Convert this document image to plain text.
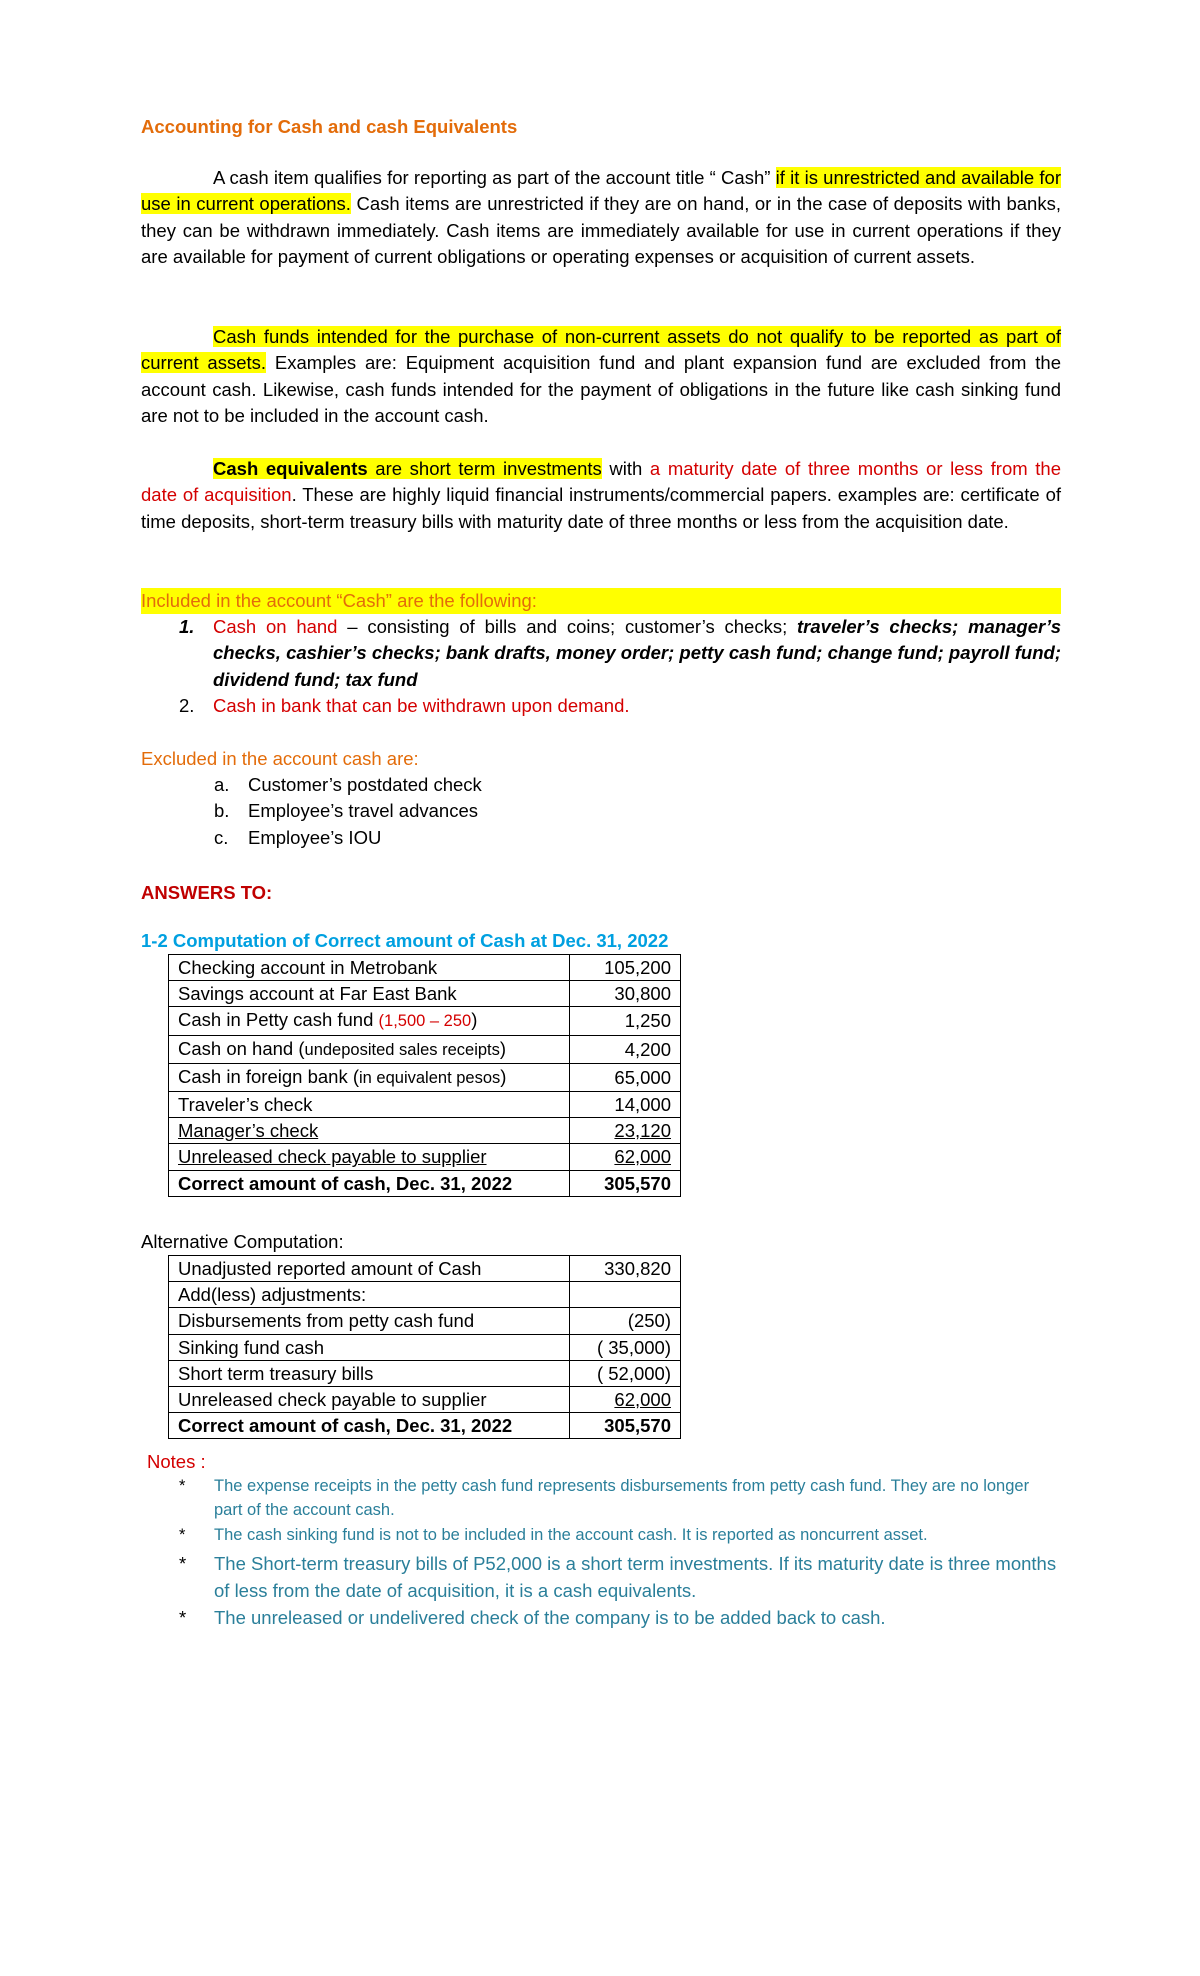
Accounting for Cash and cash Equivalents

A cash item qualifies for reporting as part of the account title “ Cash” if it is unrestricted and available for use in current operations. Cash items are unrestricted if they are on hand, or in the case of deposits with banks, they can be withdrawn immediately. Cash items are immediately available for use in current operations if they are available for payment of current obligations or operating expenses or acquisition of current assets.

Cash funds intended for the purchase of non-current assets do not qualify to be reported as part of current assets. Examples are: Equipment acquisition fund and plant expansion fund are excluded from the account cash. Likewise, cash funds intended for the payment of obligations in the future like cash sinking fund are not to be included in the account cash.

Cash equivalents are short term investments with a maturity date of three months or less from the date of acquisition. These are highly liquid financial instruments/commercial papers. examples are: certificate of time deposits, short-term treasury bills with maturity date of three months or less from the acquisition date.

Included in the account “Cash” are the following:
1. Cash on hand – consisting of bills and coins; customer’s checks; traveler’s checks; manager’s checks, cashier’s checks; bank drafts, money order; petty cash fund; change fund; payroll fund; dividend fund; tax fund
2. Cash in bank that can be withdrawn upon demand.
Excluded in the account cash are:
a. Customer’s postdated check
b. Employee’s travel advances
c. Employee’s IOU
ANSWERS TO:
1-2 Computation of Correct amount of Cash at Dec. 31, 2022
Checking account in Metrobank	105,200
Savings account at Far East Bank	30,800
Cash in Petty cash fund (1,500 – 250)	1,250
Cash on hand (undeposited sales receipts)	4,200
Cash in foreign bank (in equivalent pesos)	65,000
Traveler’s check	14,000
Manager’s check	23,120
Unreleased check payable to supplier	62,000
Correct amount of cash, Dec. 31, 2022	305,570
Alternative Computation:
Unadjusted reported amount of Cash	330,820
Add(less) adjustments:	
Disbursements from petty cash fund	(250)
Sinking fund cash	( 35,000)
Short term treasury bills	( 52,000)
Unreleased check payable to supplier	62,000
Correct amount of cash, Dec. 31, 2022	305,570
Notes :
* The expense receipts in the petty cash fund represents disbursements from petty cash fund. They are no longer part of the account cash.
* The cash sinking fund is not to be included in the account cash. It is reported as noncurrent asset.
* The Short-term treasury bills of P52,000 is a short term investments. If its maturity date is three months of less from the date of acquisition, it is a cash equivalents.
* The unreleased or undelivered check of the company is to be added back to cash.
